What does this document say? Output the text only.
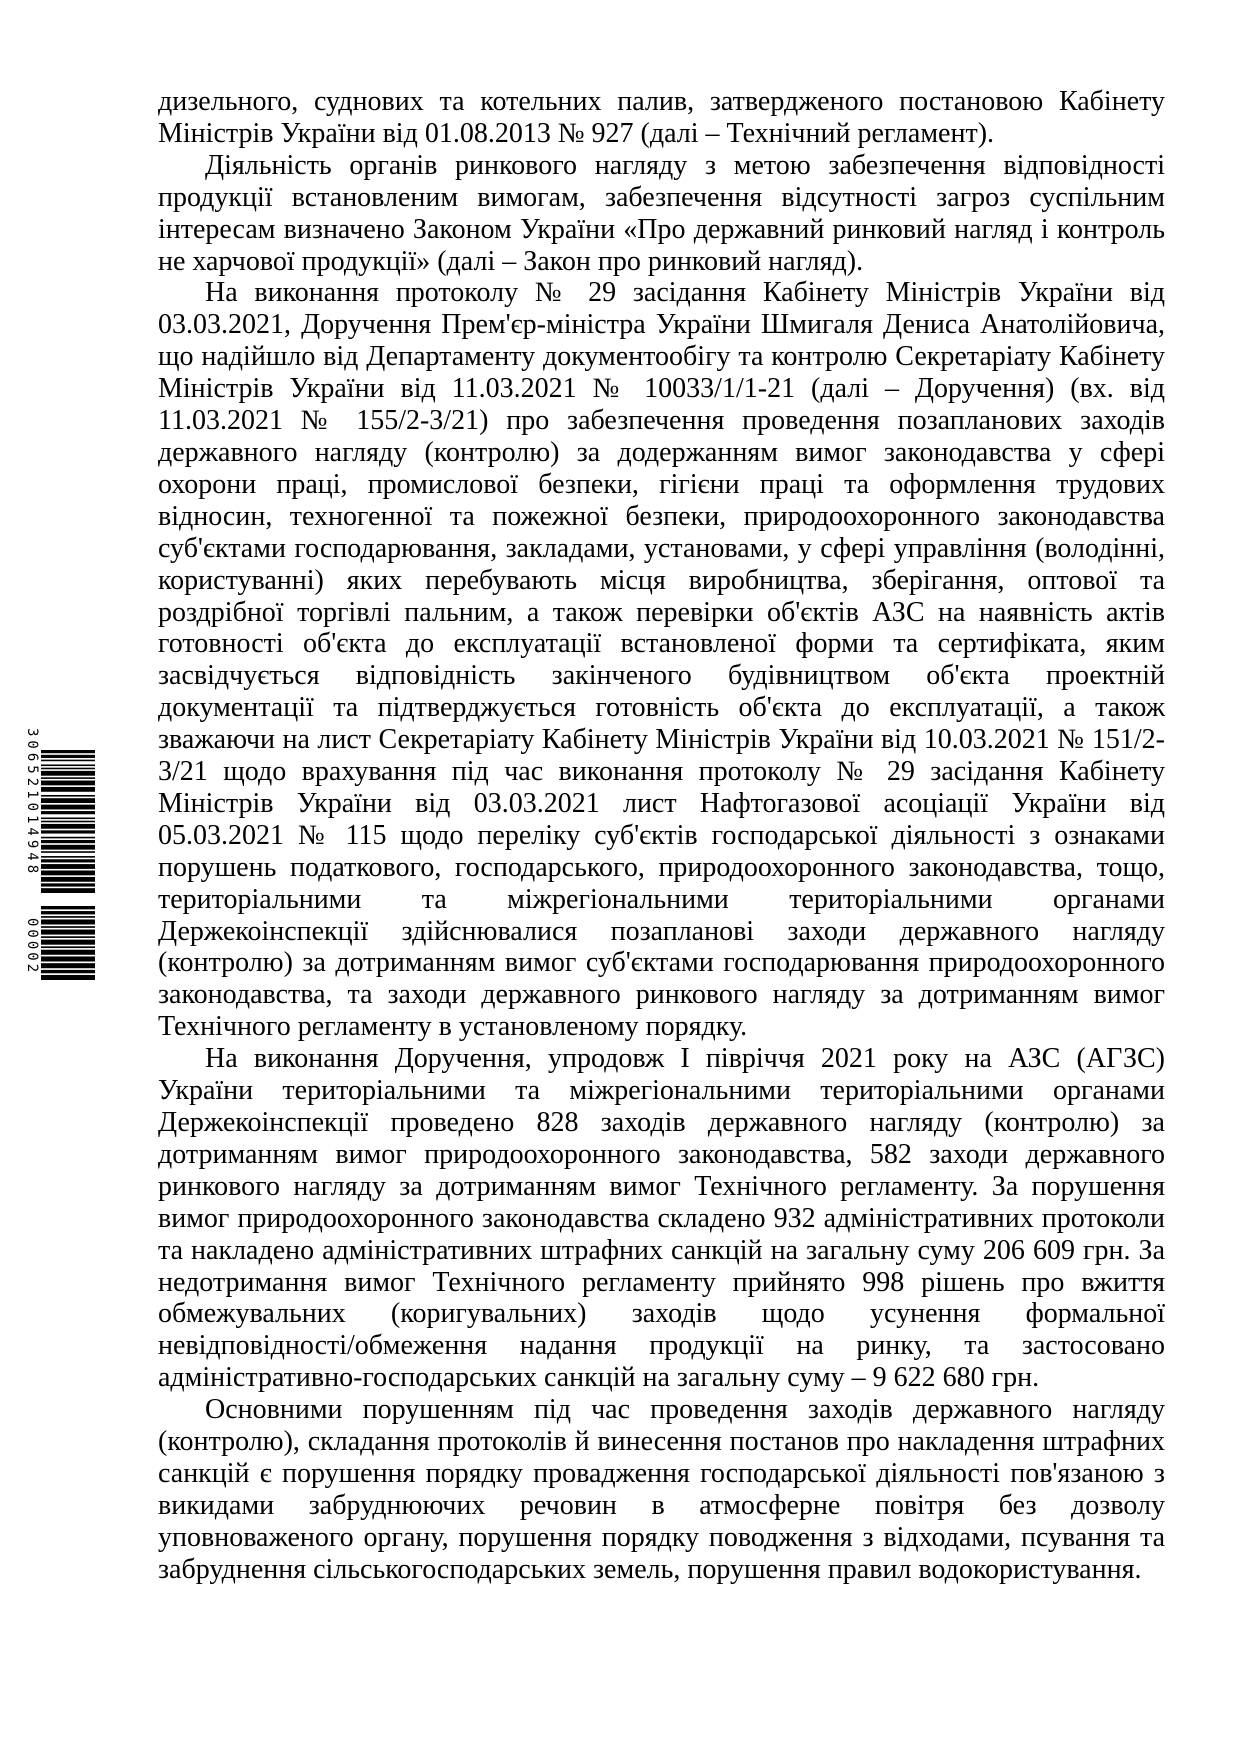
306521014948
00002

дизельного, суднових та котельних палив, затвердженого постановою Кабінету Міністрів України від 01.08.2013 № 927 (далі – Технічний регламент).

Діяльність органів ринкового нагляду з метою забезпечення відповідності продукції встановленим вимогам, забезпечення відсутності загроз суспільним інтересам визначено Законом України «Про державний ринковий нагляд і контроль не харчової продукції» (далі – Закон про ринковий нагляд).

На виконання протоколу № 29 засідання Кабінету Міністрів України від 03.03.2021, Доручення Прем'єр-міністра України Шмигаля Дениса Анатолійовича, що надійшло від Департаменту документообігу та контролю Секретаріату Кабінету Міністрів України від 11.03.2021 № 10033/1/1-21 (далі – Доручення) (вх. від 11.03.2021 № 155/2-3/21) про забезпечення проведення позапланових заходів державного нагляду (контролю) за додержанням вимог законодавства у сфері охорони праці, промислової безпеки, гігієни праці та оформлення трудових відносин, техногенної та пожежної безпеки, природоохоронного законодавства суб'єктами господарювання, закладами, установами, у сфері управління (володінні, користуванні) яких перебувають місця виробництва, зберігання, оптової та роздрібної торгівлі пальним, а також перевірки об'єктів АЗС на наявність актів готовності об'єкта до експлуатації встановленої форми та сертифіката, яким засвідчується відповідність закінченого будівництвом об'єкта проектній документації та підтверджується готовність об'єкта до експлуатації, а також зважаючи на лист Секретаріату Кабінету Міністрів України від 10.03.2021 № 151/2-3/21 щодо врахування під час виконання протоколу № 29 засідання Кабінету Міністрів України від 03.03.2021 лист Нафтогазової асоціації України від 05.03.2021 № 115 щодо переліку суб'єктів господарської діяльності з ознаками порушень податкового, господарського, природоохоронного законодавства, тощо, територіальними та міжрегіональними територіальними органами Держекоінспекції здійснювалися позапланові заходи державного нагляду (контролю) за дотриманням вимог суб'єктами господарювання природоохоронного законодавства, та заходи державного ринкового нагляду за дотриманням вимог Технічного регламенту в установленому порядку.

На виконання Доручення, упродовж І півріччя 2021 року на АЗС (АГЗС) України територіальними та міжрегіональними територіальними органами Держекоінспекції проведено 828 заходів державного нагляду (контролю) за дотриманням вимог природоохоронного законодавства, 582 заходи державного ринкового нагляду за дотриманням вимог Технічного регламенту. За порушення вимог природоохоронного законодавства складено 932 адміністративних протоколи та накладено адміністративних штрафних санкцій на загальну суму 206 609 грн. За недотримання вимог Технічного регламенту прийнято 998 рішень про вжиття обмежувальних (коригувальних) заходів щодо усунення формальної невідповідності/обмеження надання продукції на ринку, та застосовано адміністративно-господарських санкцій на загальну суму – 9 622 680 грн.

Основними порушенням під час проведення заходів державного нагляду (контролю), складання протоколів й винесення постанов про накладення штрафних санкцій є порушення порядку провадження господарської діяльності пов'язаною з викидами забруднюючих речовин в атмосферне повітря без дозволу уповноваженого органу, порушення порядку поводження з відходами, псування та забруднення сільськогосподарських земель, порушення правил водокористування.
